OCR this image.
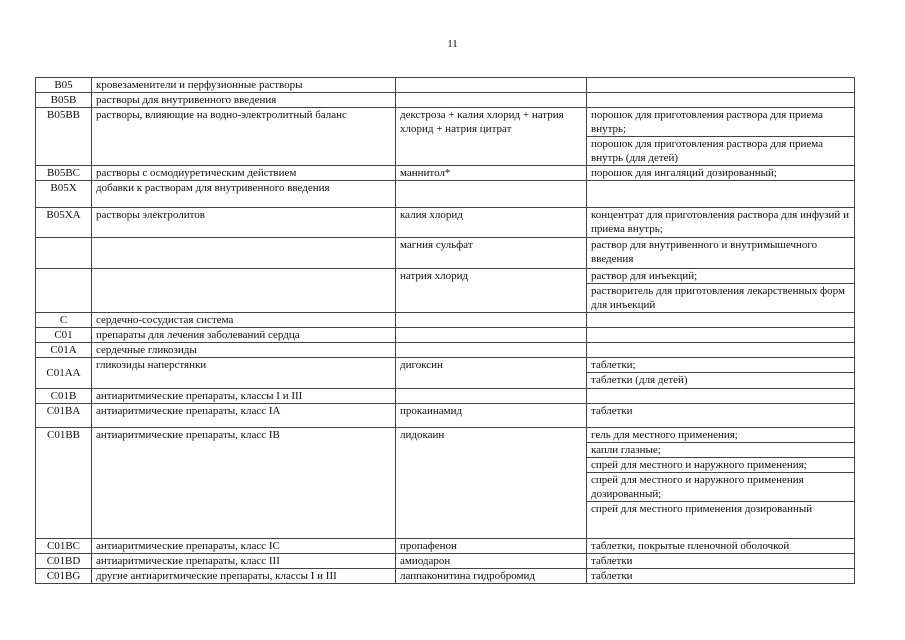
11
B05	кровезаменители и перфузионные растворы		

B05B	растворы для внутривенного введения		

B05BB	растворы, влияющие на водно-электролитный баланс	декстроза + калия хлорид + натрия хлорид + натрия цитрат	
порошок для приготовления раствора для приема внутрь;
порошок для приготовления раствора для приема внутрь (для детей)

B05BC	растворы с осмодиуретическим действием	маннитол*		порошок для ингаляций дозированный;

B05X	добавки к растворам для внутривенного введения		

B05XA	растворы электролитов	калия хлорид		концентрат для приготовления раствора для инфузий и приема внутрь;

		магния сульфат		раствор для внутривенного и внутримышечного введения

		натрия хлорид		раствор для инъекций;
растворитель для приготовления лекарственных форм для инъекций

C	сердечно-сосудистая система		

C01	препараты для лечения заболеваний сердца		

C01A	сердечные гликозиды		

C01AA	гликозиды наперстянки	дигоксин		таблетки;
таблетки (для детей)

C01B	антиаритмические препараты, классы I и III		

C01BA	антиаритмические препараты, класс IA	прокаинамид		таблетки

C01BB	антиаритмические препараты, класс IB	лидокаин		гель для местного применения;
капли глазные;
спрей для местного и наружного применения;
спрей для местного и наружного применения дозированный;
спрей для местного применения дозированный

C01BC	антиаритмические препараты, класс IC	пропафенон		таблетки, покрытые пленочной оболочкой

C01BD	антиаритмические препараты, класс III	амиодарон		таблетки

C01BG	другие антиаритмические препараты, классы I и III	лаппаконитина гидробромид		таблетки
